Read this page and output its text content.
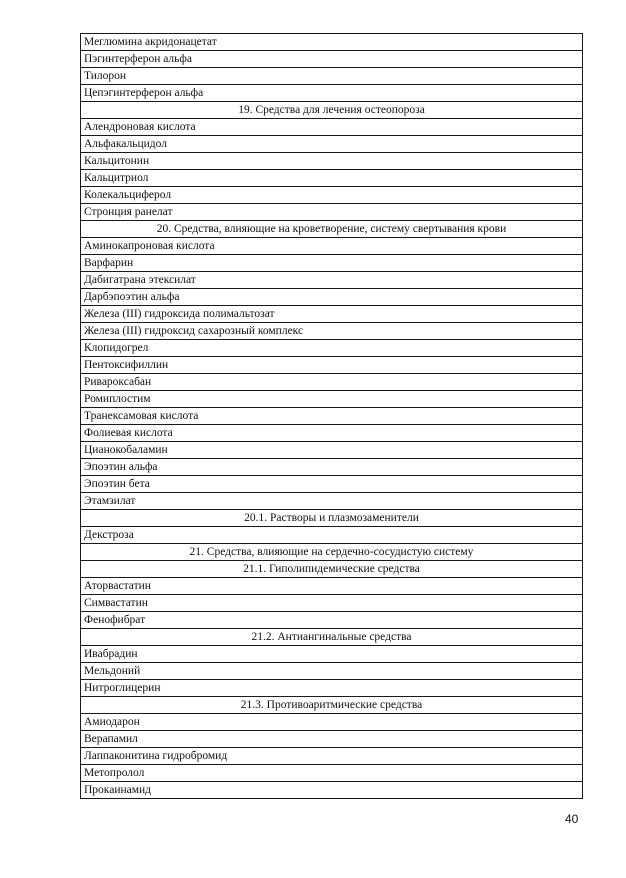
Меглюмина акридонацетат
Пэгинтерферон альфа
Тилорон
Цепэгинтерферон альфа
19. Средства для лечения остеопороза
Алендроновая кислота
Альфакальцидол
Кальцитонин
Кальцитриол
Колекальциферол
Стронция ранелат
20. Средства, влияющие на кроветворение, систему свертывания крови
Аминокапроновая кислота
Варфарин
Дабигатрана этексилат
Дарбэпоэтин альфа
Железа (III) гидроксида полимальтозат
Железа (III) гидроксид сахарозный комплекс
Клопидогрел
Пентоксифиллин
Ривароксабан
Ромиплостим
Транексамовая кислота
Фолиевая кислота
Цианокобаламин
Эпоэтин альфа
Эпоэтин бета
Этамзилат
20.1. Растворы и плазмозаменители
Декстроза
21. Средства, влияющие на сердечно-сосудистую систему
21.1. Гиполипидемические средства
Аторвастатин
Симвастатин
Фенофибрат
21.2. Антиангинальные средства
Ивабрадин
Мельдоний
Нитроглицерин
21.3. Противоаритмические средства
Амиодарон
Верапамил
Лаппаконитина гидробромид
Метопролол
Прокаинамид
40
